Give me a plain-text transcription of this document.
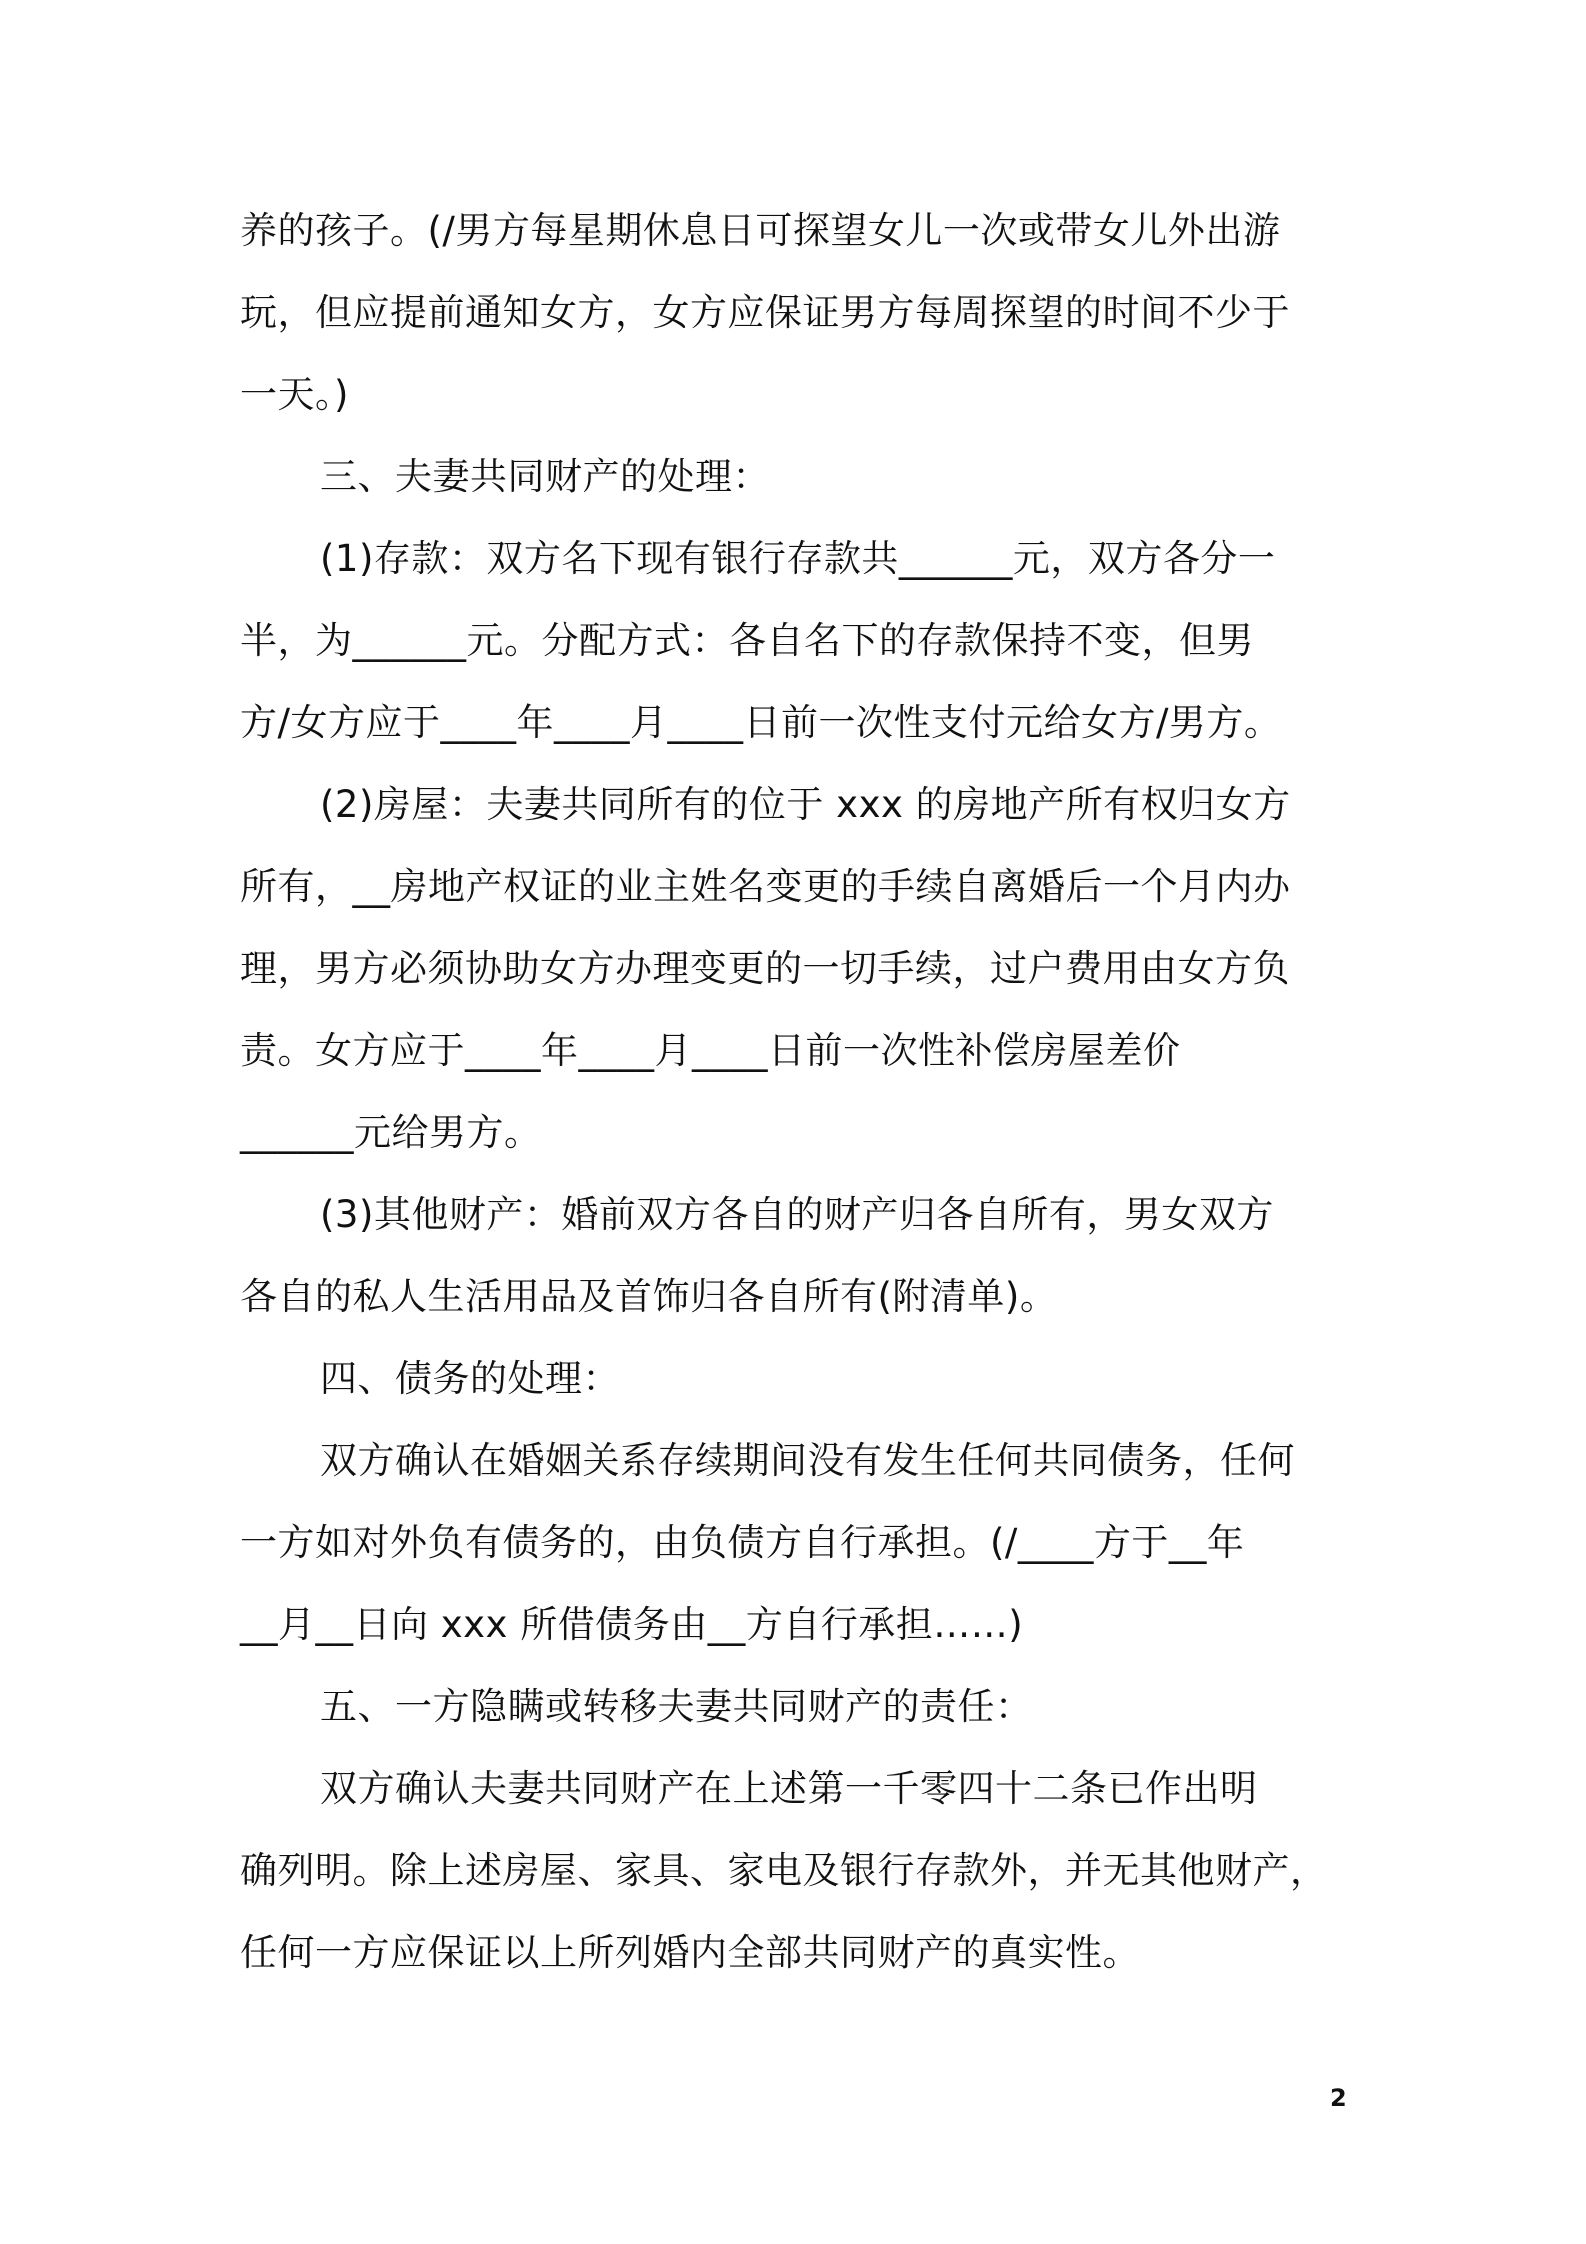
养的孩子。(/男方每星期休息日可探望女儿一次或带女儿外出游
玩，但应提前通知女方，女方应保证男方每周探望的时间不少于
一天。)
三、夫妻共同财产的处理：
(1)存款：双方名下现有银行存款共______元，双方各分一
半，为______元。分配方式：各自名下的存款保持不变，但男
方/女方应于____年____月____日前一次性支付元给女方/男方。
(2)房屋：夫妻共同所有的位于 xxx 的房地产所有权归女方
所有，__房地产权证的业主姓名变更的手续自离婚后一个月内办
理，男方必须协助女方办理变更的一切手续，过户费用由女方负
责。女方应于____年____月____日前一次性补偿房屋差价
______元给男方。
(3)其他财产：婚前双方各自的财产归各自所有，男女双方
各自的私人生活用品及首饰归各自所有(附清单)。
四、债务的处理：
双方确认在婚姻关系存续期间没有发生任何共同债务，任何
一方如对外负有债务的，由负债方自行承担。(/____方于__年
__月__日向 xxx 所借债务由__方自行承担……)
五、一方隐瞒或转移夫妻共同财产的责任：
双方确认夫妻共同财产在上述第一千零四十二条已作出明
确列明。除上述房屋、家具、家电及银行存款外，并无其他财产，
任何一方应保证以上所列婚内全部共同财产的真实性。
2
